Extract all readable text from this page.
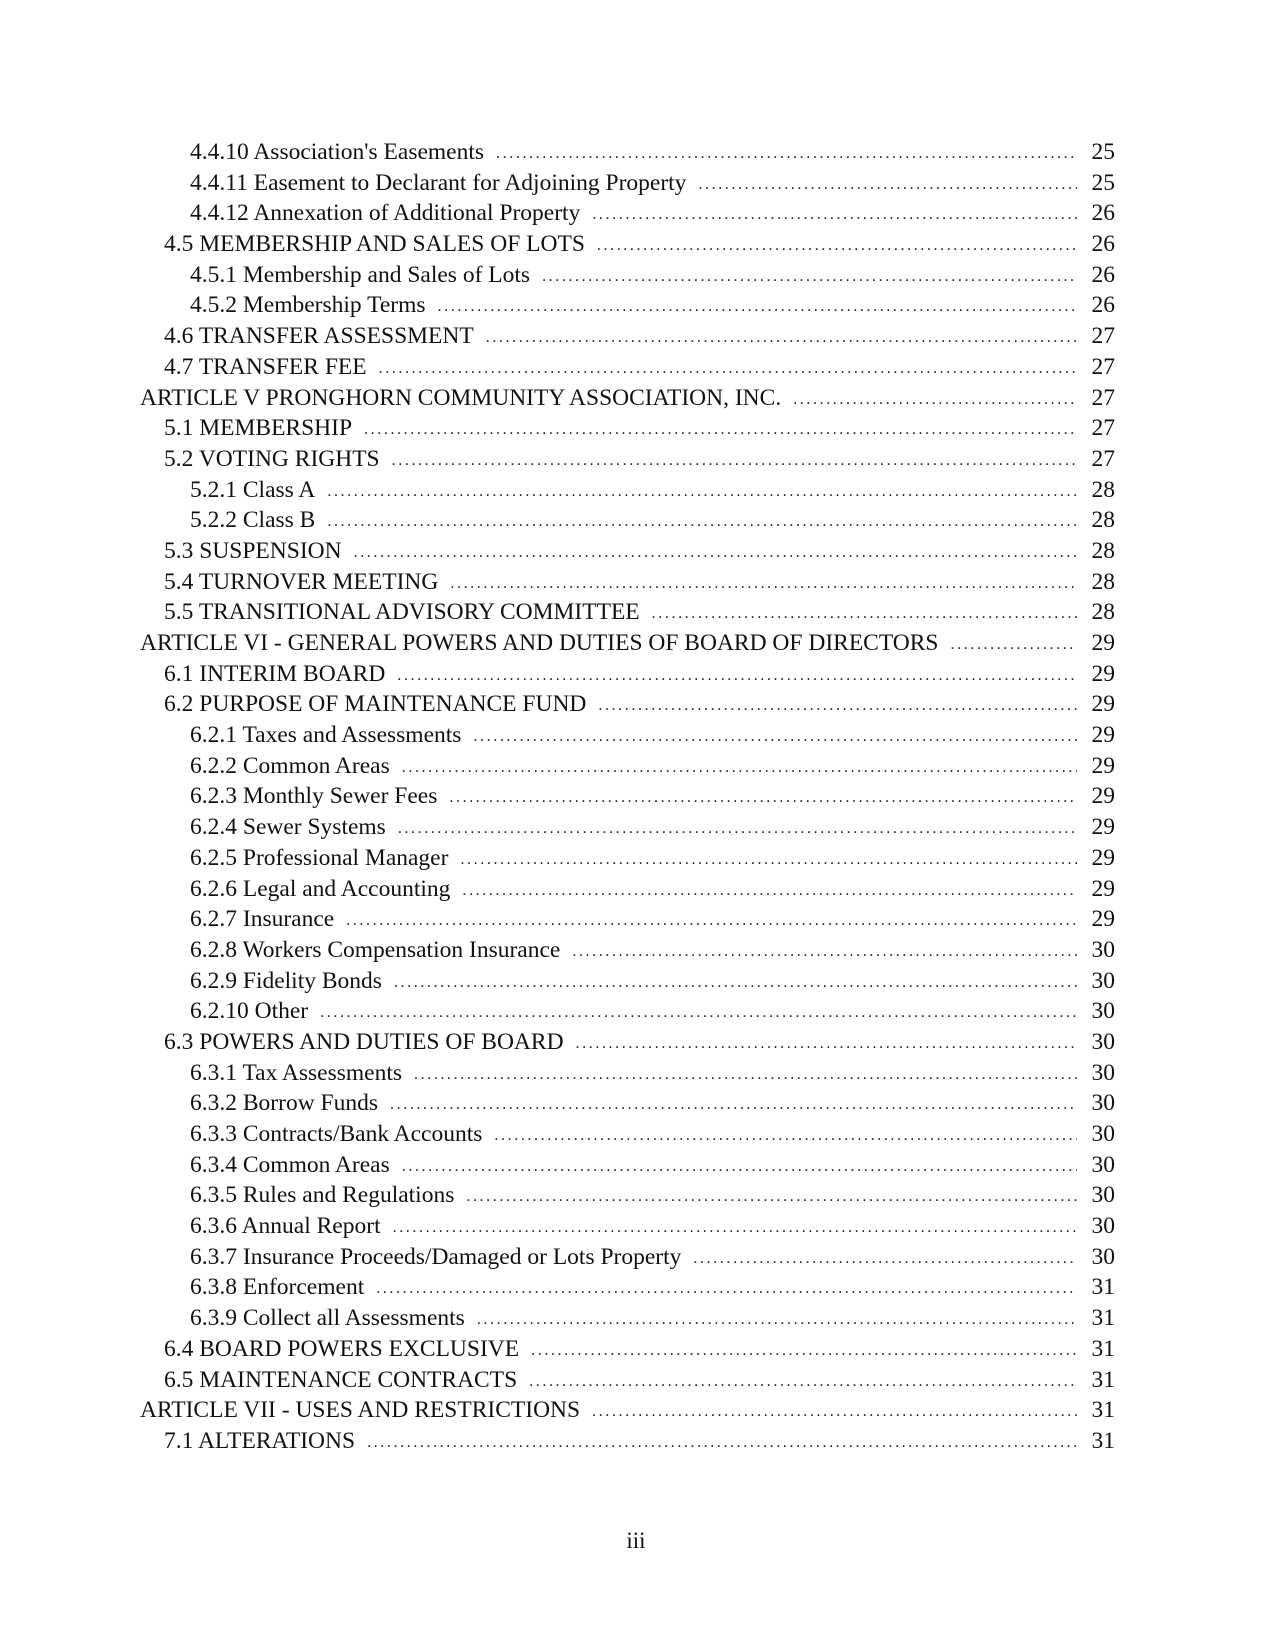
4.4.10 Association's Easements .....	25
4.4.11 Easement to Declarant for Adjoining Property .....	25
4.4.12 Annexation of Additional Property .....	26
4.5 MEMBERSHIP AND SALES OF LOTS .....	26
4.5.1 Membership and Sales of Lots .....	26
4.5.2 Membership Terms .....	26
4.6 TRANSFER ASSESSMENT .....	27
4.7 TRANSFER FEE .....	27
ARTICLE V PRONGHORN COMMUNITY ASSOCIATION, INC. .....	27
5.1 MEMBERSHIP .....	27
5.2 VOTING RIGHTS .....	27
5.2.1 Class A .....	28
5.2.2 Class B .....	28
5.3 SUSPENSION .....	28
5.4 TURNOVER MEETING .....	28
5.5 TRANSITIONAL ADVISORY COMMITTEE .....	28
ARTICLE VI - GENERAL POWERS AND DUTIES OF BOARD OF DIRECTORS .....	29
6.1 INTERIM BOARD .....	29
6.2 PURPOSE OF MAINTENANCE FUND .....	29
6.2.1 Taxes and Assessments .....	29
6.2.2 Common Areas .....	29
6.2.3 Monthly Sewer Fees .....	29
6.2.4 Sewer Systems .....	29
6.2.5 Professional Manager .....	29
6.2.6 Legal and Accounting .....	29
6.2.7 Insurance .....	29
6.2.8 Workers Compensation Insurance .....	30
6.2.9 Fidelity Bonds .....	30
6.2.10 Other .....	30
6.3 POWERS AND DUTIES OF BOARD .....	30
6.3.1 Tax Assessments .....	30
6.3.2 Borrow Funds .....	30
6.3.3 Contracts/Bank Accounts .....	30
6.3.4 Common Areas .....	30
6.3.5 Rules and Regulations .....	30
6.3.6 Annual Report .....	30
6.3.7 Insurance Proceeds/Damaged or Lots Property .....	30
6.3.8 Enforcement .....	31
6.3.9 Collect all Assessments .....	31
6.4 BOARD POWERS EXCLUSIVE .....	31
6.5 MAINTENANCE CONTRACTS .....	31
ARTICLE VII - USES AND RESTRICTIONS .....	31
7.1 ALTERATIONS .....	31
iii
